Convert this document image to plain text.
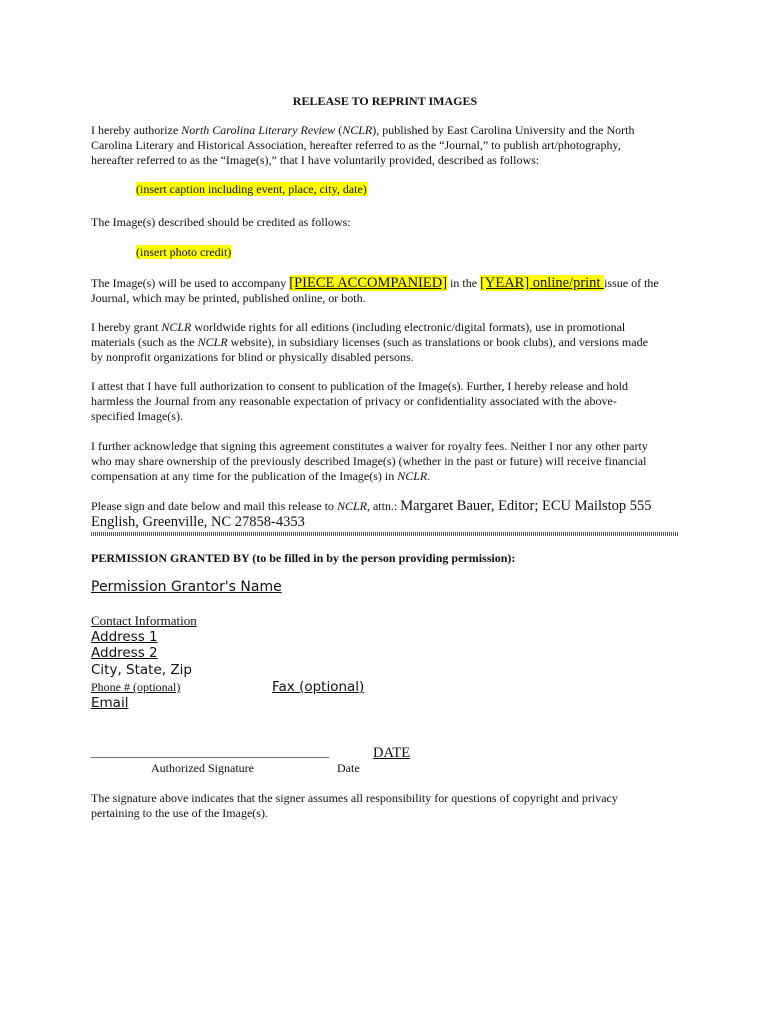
RELEASE TO REPRINT IMAGES
I hereby authorize North Carolina Literary Review (NCLR), published by East Carolina University and the North
Carolina Literary and Historical Association, hereafter referred to as the “Journal,” to publish art/photography,
hereafter referred to as the “Image(s),” that I have voluntarily provided, described as follows:
(insert caption including event, place, city, date)
The Image(s) described should be credited as follows:
(insert photo credit)
The Image(s) will be used to accompany [PIECE ACCOMPANIED] in the [YEAR] online/print issue of the
Journal, which may be printed, published online, or both.
I hereby grant NCLR worldwide rights for all editions (including electronic/digital formats), use in promotional
materials (such as the NCLR website), in subsidiary licenses (such as translations or book clubs), and versions made
by nonprofit organizations for blind or physically disabled persons.
I attest that I have full authorization to consent to publication of the Image(s). Further, I hereby release and hold
harmless the Journal from any reasonable expectation of privacy or confidentiality associated with the above-
specified Image(s).
I further acknowledge that signing this agreement constitutes a waiver for royalty fees. Neither I nor any other party
who may share ownership of the previously described Image(s) (whether in the past or future) will receive financial
compensation at any time for the publication of the Image(s) in NCLR.
Please sign and date below and mail this release to NCLR, attn.: Margaret Bauer, Editor; ECU Mailstop 555
English, Greenville, NC 27858-4353
PERMISSION GRANTED BY (to be filled in by the person providing permission):
Permission Grantor's Name
Contact Information
Address 1
Address 2
City, State, Zip
Phone # (optional)	Fax (optional)
Email
____________________________________________	DATE
Authorized Signature	Date
The signature above indicates that the signer assumes all responsibility for questions of copyright and privacy
pertaining to the use of the Image(s).
